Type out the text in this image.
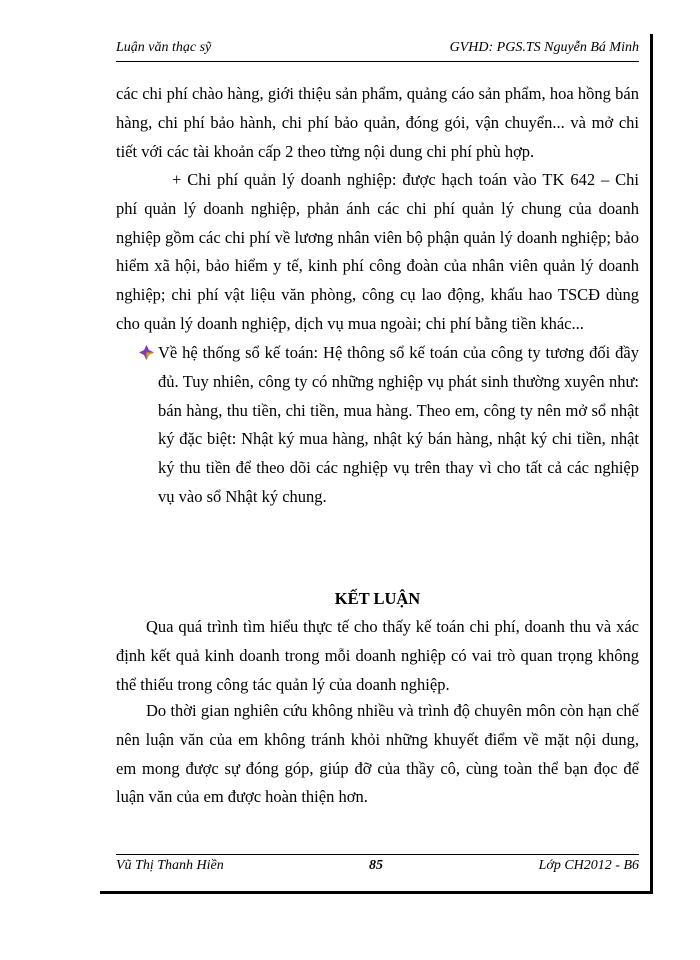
Luận văn thạc sỹ	GVHD: PGS.TS Nguyễn Bá Minh

các chi phí chào hàng, giới thiệu sản phẩm, quảng cáo sản phẩm, hoa hồng bán hàng, chi phí bảo hành, chi phí bảo quản, đóng gói, vận chuyển... và mở chi tiết với các tài khoản cấp 2 theo từng nội dung chi phí phù hợp.

+ Chi phí quản lý doanh nghiệp: được hạch toán vào TK 642 – Chi phí quản lý doanh nghiệp, phản ánh các chi phí quản lý chung của doanh nghiệp gồm các chi phí về lương nhân viên bộ phận quản lý doanh nghiệp; bảo hiểm xã hội, bảo hiểm y tế, kinh phí công đoàn của nhân viên quản lý doanh nghiệp; chi phí vật liệu văn phòng, công cụ lao động, khấu hao TSCĐ dùng cho quản lý doanh nghiệp, dịch vụ mua ngoài; chi phí bằng tiền khác...

Về hệ thống sổ kế toán: Hệ thông sổ kế toán của công ty tương đối đầy đủ. Tuy nhiên, công ty có những nghiệp vụ phát sinh thường xuyên như: bán hàng, thu tiền, chi tiền, mua hàng. Theo em, công ty nên mở sổ nhật ký đặc biệt: Nhật ký mua hàng, nhật ký bán hàng, nhật ký chi tiền, nhật ký thu tiền để theo dõi các nghiệp vụ trên thay vì cho tất cả các nghiệp vụ vào sổ Nhật ký chung.

KẾT LUẬN

Qua quá trình tìm hiểu thực tế cho thấy kế toán chi phí, doanh thu và xác định kết quả kinh doanh trong mỗi doanh nghiệp có vai trò quan trọng không thể thiếu trong công tác quản lý của doanh nghiệp.

Do thời gian nghiên cứu không nhiều và trình độ chuyên môn còn hạn chế nên luận văn của em không tránh khỏi những khuyết điểm về mặt nội dung, em mong được sự đóng góp, giúp đỡ của thầy cô, cùng toàn thể bạn đọc để luận văn của em được hoàn thiện hơn.

Vũ Thị Thanh Hiền	85	Lớp CH2012 - B6
